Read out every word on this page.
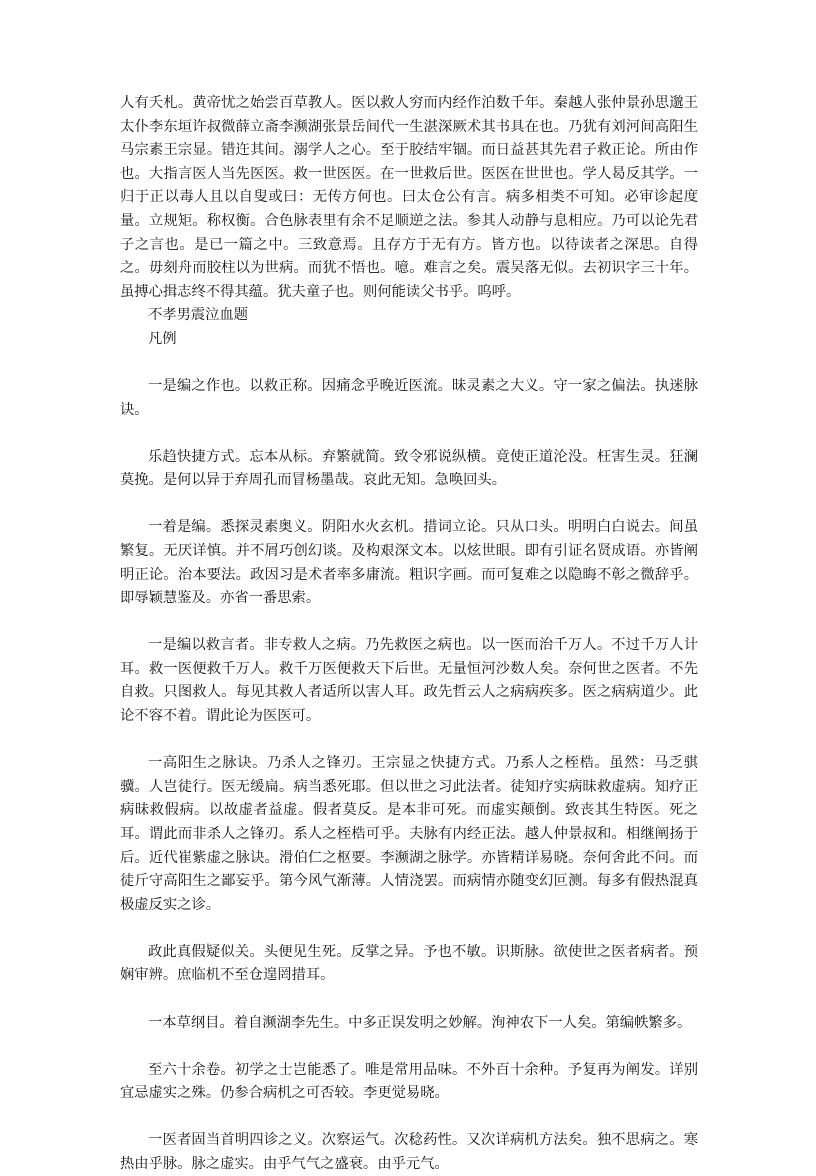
人有夭札。黄帝忧之始尝百草教人。医以救人穷而内经作泊数千年。秦越人张仲景孙思邈王太仆李东垣许叔微薛立斋李濒湖张景岳间代一生湛深厥术其书具在也。乃犹有刘河间高阳生马宗素王宗显。错迕其间。溺学人之心。至于胶结牢锢。而日益甚其先君子救正论。所由作也。大指言医人当先医医。救一世医医。在一世救后世。医医在世世也。学人曷反其学。一归于正以毒人且以自叟或曰：无传方何也。曰太仓公有言。病多相类不可知。必审诊起度量。立规矩。称权衡。合色脉表里有余不足顺逆之法。参其人动静与息相应。乃可以论先君子之言也。是已一篇之中。三致意焉。且存方于无有方。皆方也。以待读者之深思。自得之。毋刻舟而胶柱以为世病。而犹不悟也。噫。难言之矣。震吴落无似。去初识字三十年。虽搏心揖志终不得其蕴。犹夫童子也。则何能读父书乎。呜呼。

不孝男震泣血题

凡例

一是编之作也。以救正称。因痛念乎晚近医流。昧灵素之大义。守一家之偏法。执迷脉诀。

乐趋快捷方式。忘本从标。弃繁就简。致令邪说纵横。竟使正道沦没。枉害生灵。狂澜莫挽。是何以异于弃周孔而冒杨墨哉。哀此无知。急唤回头。

一着是编。悉探灵素奥义。阴阳水火玄机。措词立论。只从口头。明明白白说去。间虽繁复。无厌详慎。并不屑巧创幻谈。及构艰深文本。以炫世眼。即有引证名贤成语。亦皆阐明正论。治本要法。政因习是术者率多庸流。粗识字画。而可复难之以隐晦不彰之微辞乎。即辱颖慧鉴及。亦省一番思索。

一是编以救言者。非专救人之病。乃先救医之病也。以一医而治千万人。不过千万人计耳。救一医便救千万人。救千万医便救天下后世。无量恒河沙数人矣。奈何世之医者。不先自救。只图救人。每见其救人者适所以害人耳。政先哲云人之病病疾多。医之病病道少。此论不容不着。谓此论为医医可。

一高阳生之脉诀。乃杀人之锋刃。王宗显之快捷方式。乃系人之桎梏。虽然：马乏骐骥。人岂徒行。医无缓扁。病当悉死耶。但以世之习此法者。徒知疗实病昧救虚病。知疗正病昧救假病。以故虚者益虚。假者莫反。是本非可死。而虚实颠倒。致丧其生特医。死之耳。谓此而非杀人之锋刃。系人之桎梏可乎。夫脉有内经正法。越人仲景叔和。相继阐扬于后。近代崔紫虚之脉诀。滑伯仁之枢要。李濒湖之脉学。亦皆精详易晓。奈何舍此不问。而徒斤守高阳生之鄙妄乎。第今风气渐薄。人情浇罢。而病情亦随变幻叵测。每多有假热混真极虚反实之诊。

政此真假疑似关。头便见生死。反掌之异。予也不敏。识斯脉。欲使世之医者病者。预娴审辨。庶临机不至仓遑罔措耳。

一本草纲目。着自濒湖李先生。中多正误发明之妙解。洵神农下一人矣。第编帙繁多。

至六十余卷。初学之士岂能悉了。唯是常用品味。不外百十余种。予复再为阐发。详别宜忌虚实之殊。仍参合病机之可否较。李更觉易晓。

一医者固当首明四诊之义。次察运气。次稔药性。又次详病机方法矣。独不思病之。寒热由乎脉。脉之虚实。由乎气气之盛衰。由乎元气。
